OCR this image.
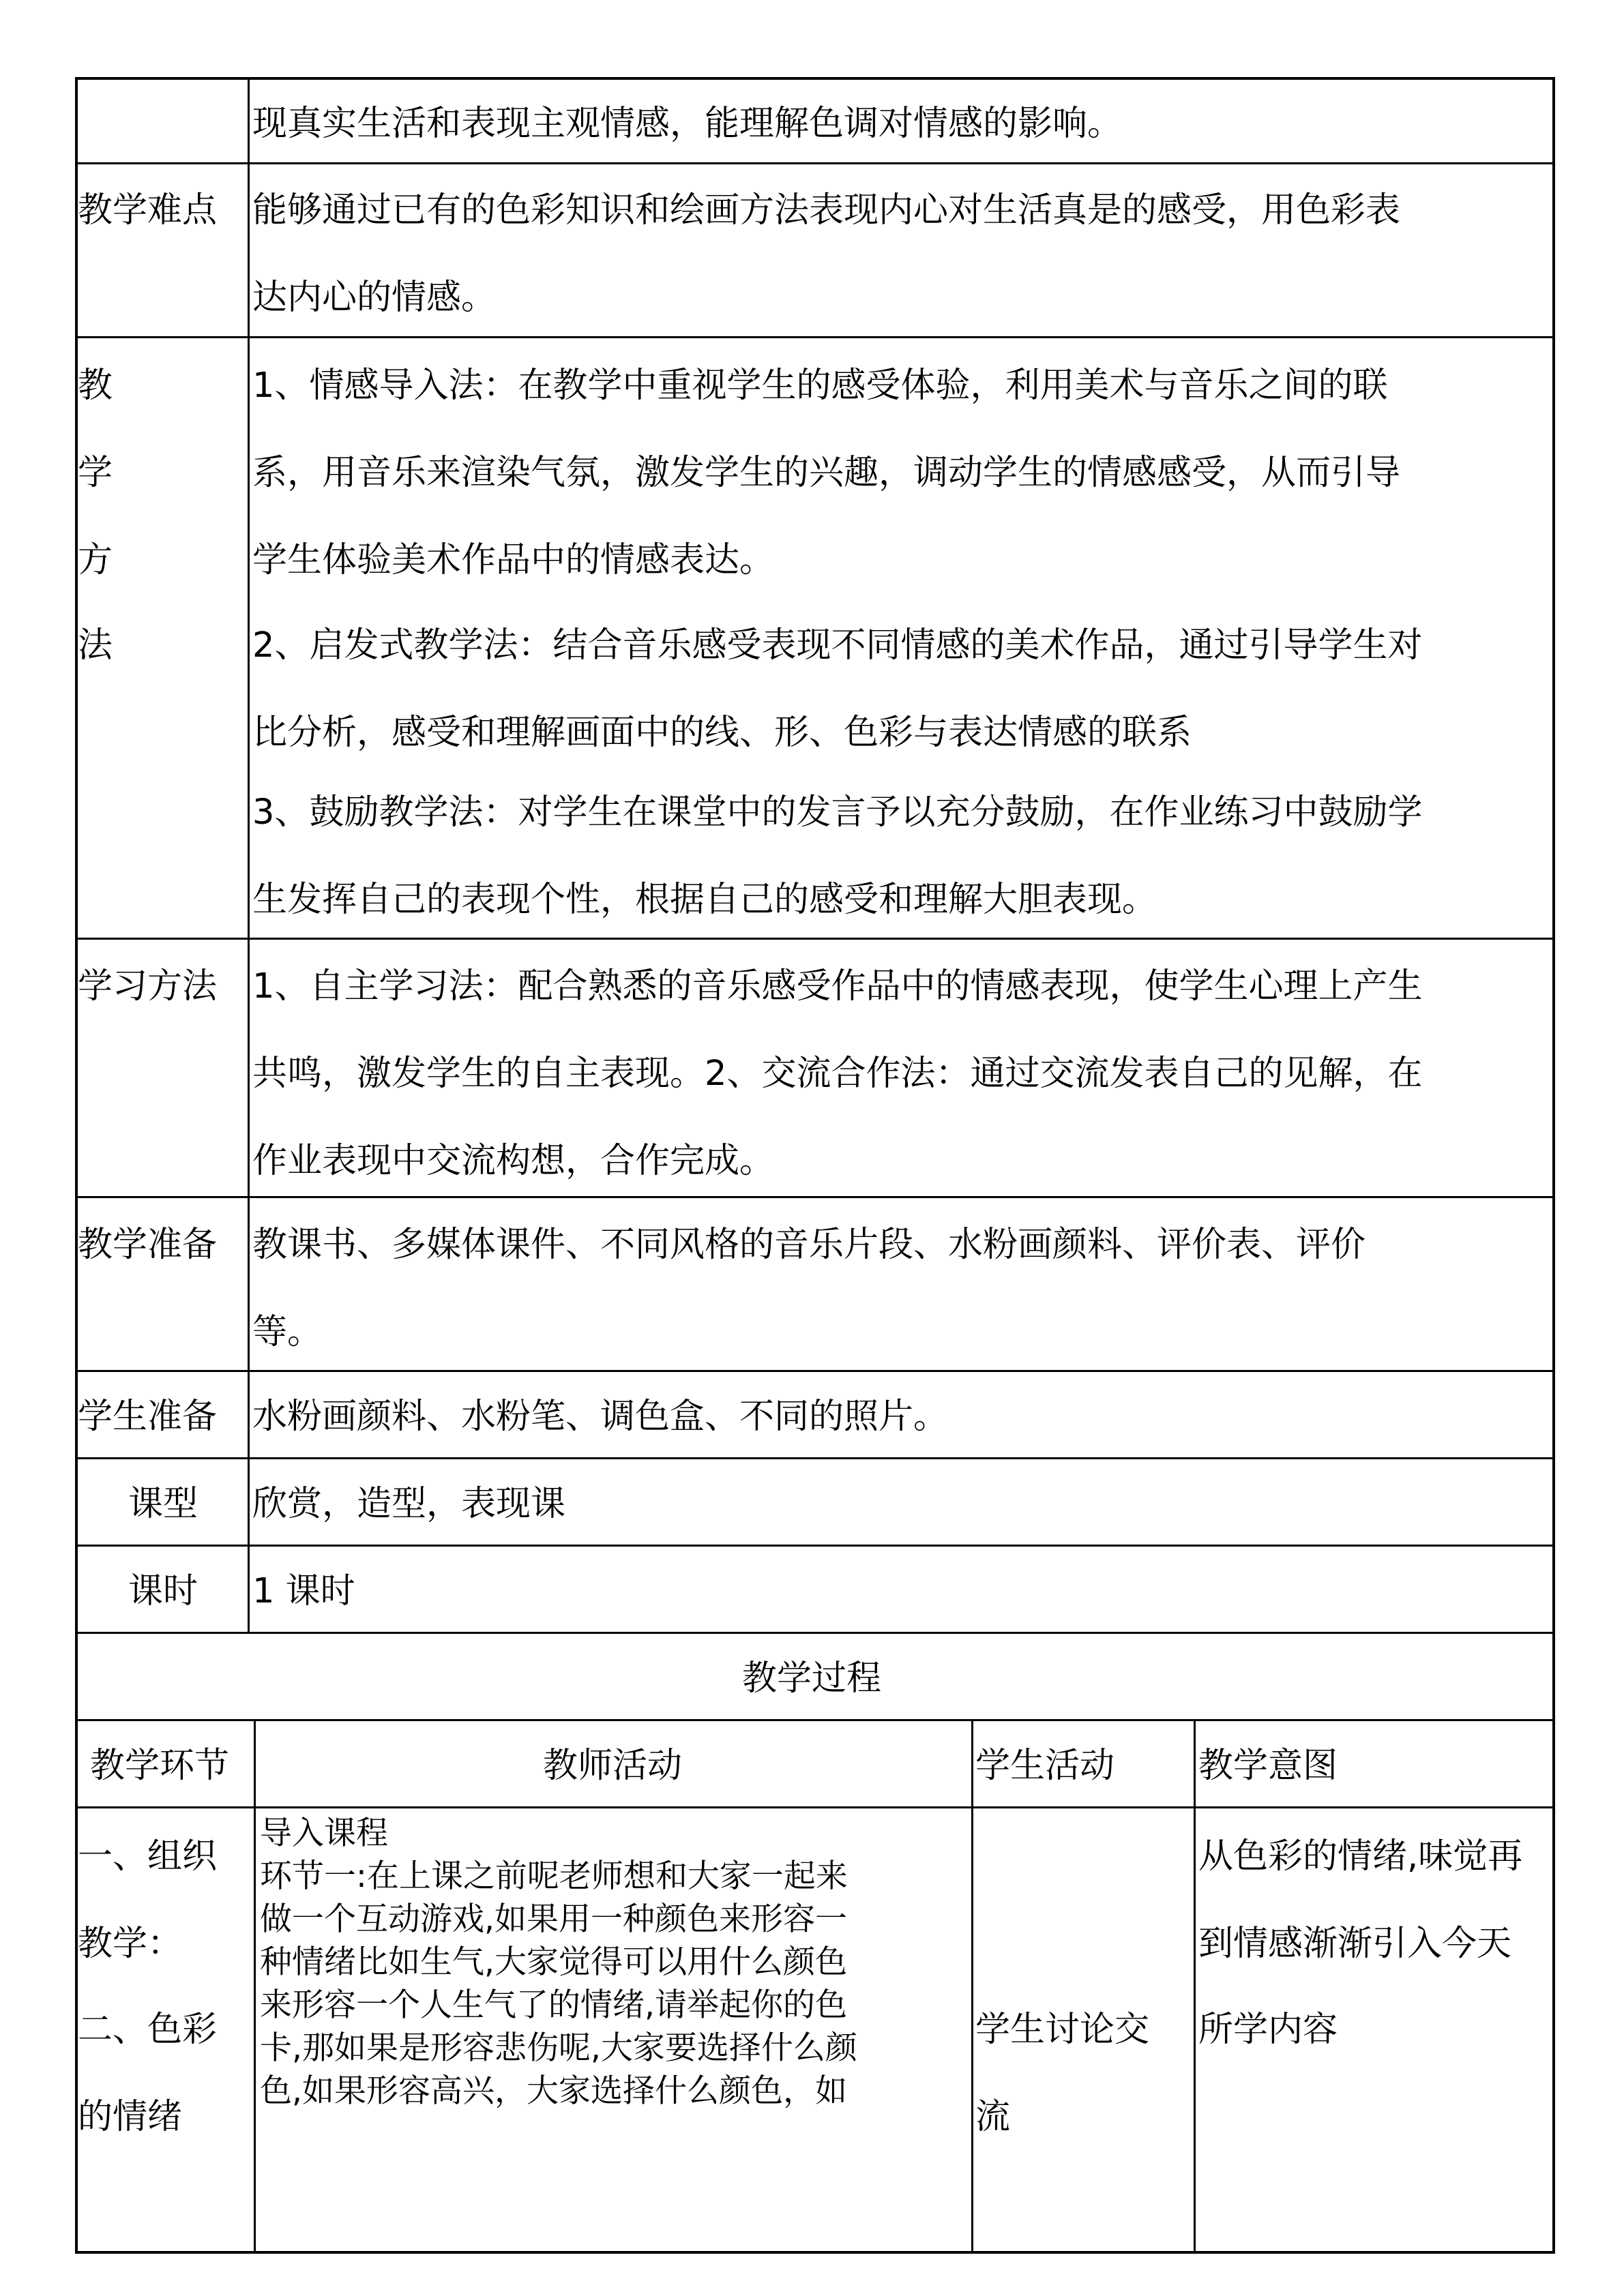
现真实生活和表现主观情感，能理解色调对情感的影响。
教学难点 能够通过已有的色彩知识和绘画方法表现内心对生活真是的感受，用色彩表
达内心的情感。
教
学
方
法
1、情感导入法：在教学中重视学生的感受体验，利用美术与音乐之间的联
系，用音乐来渲染气氛，激发学生的兴趣，调动学生的情感感受，从而引导
学生体验美术作品中的情感表达。
2、启发式教学法：结合音乐感受表现不同情感的美术作品，通过引导学生对
比分析，感受和理解画面中的线、形、色彩与表达情感的联系
3、鼓励教学法：对学生在课堂中的发言予以充分鼓励，在作业练习中鼓励学
生发挥自己的表现个性，根据自己的感受和理解大胆表现。
学习方法 1、自主学习法：配合熟悉的音乐感受作品中的情感表现，使学生心理上产生
共鸣，激发学生的自主表现。2、交流合作法：通过交流发表自己的见解，在
作业表现中交流构想，合作完成。
教学准备 教课书、多媒体课件、不同风格的音乐片段、水粉画颜料、评价表、评价
等。
学生准备 水粉画颜料、水粉笔、调色盒、不同的照片。
课型 欣赏，造型，表现课
课时 1 课时
教学过程
教学环节	教师活动	学生活动 教学意图
一、组织
教学：
二、色彩
的情绪
导入课程
环节一:在上课之前呢老师想和大家一起来
做一个互动游戏,如果用一种颜色来形容一
种情绪比如生气,大家觉得可以用什么颜色
来形容一个人生气了的情绪,请举起你的色
卡,那如果是形容悲伤呢,大家要选择什么颜
色,如果形容高兴，大家选择什么颜色，如
学生讨论交
流
从色彩的情绪,味觉再
到情感渐渐引入今天
所学内容
